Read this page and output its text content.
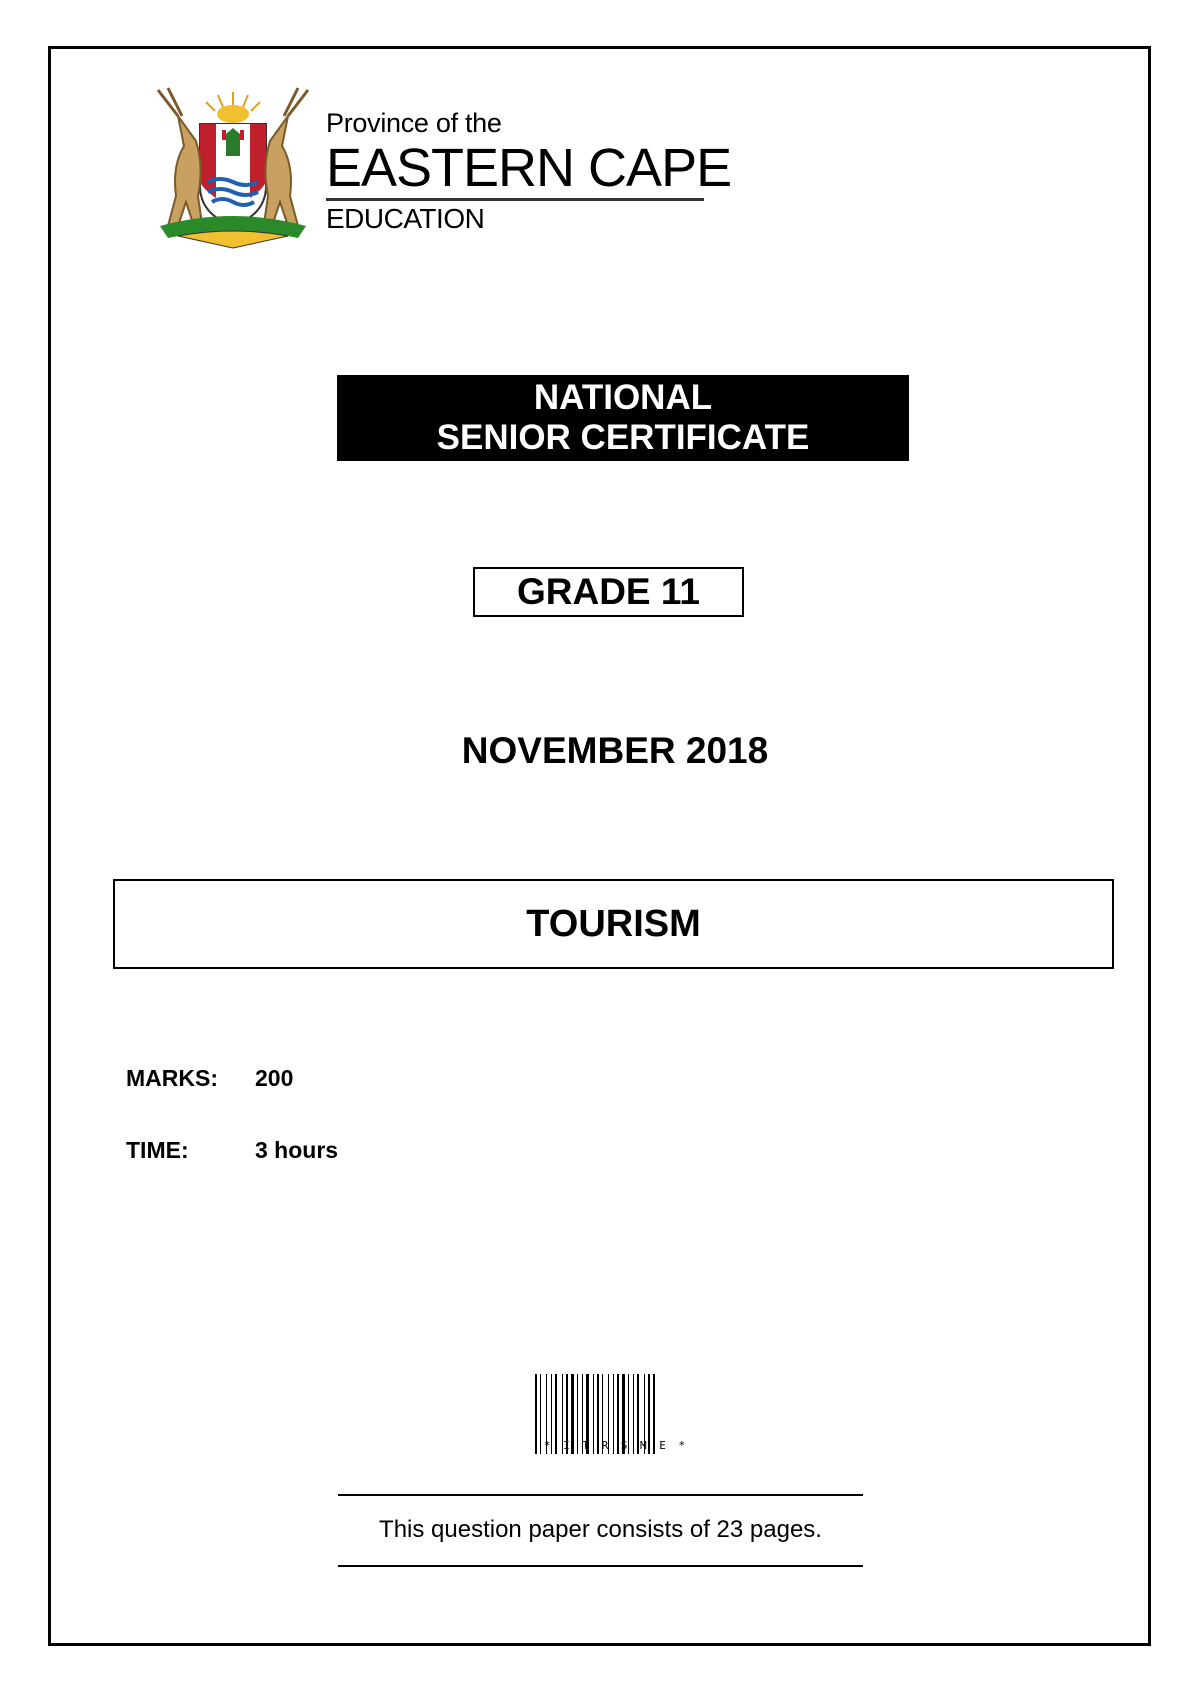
Province of the
EASTERN CAPE
EDUCATION
NATIONAL
SENIOR CERTIFICATE
GRADE 11
NOVEMBER 2018
TOURISM
MARKS: 200
TIME:	3 hours
* I T R S M E *
This question paper consists of 23 pages.
